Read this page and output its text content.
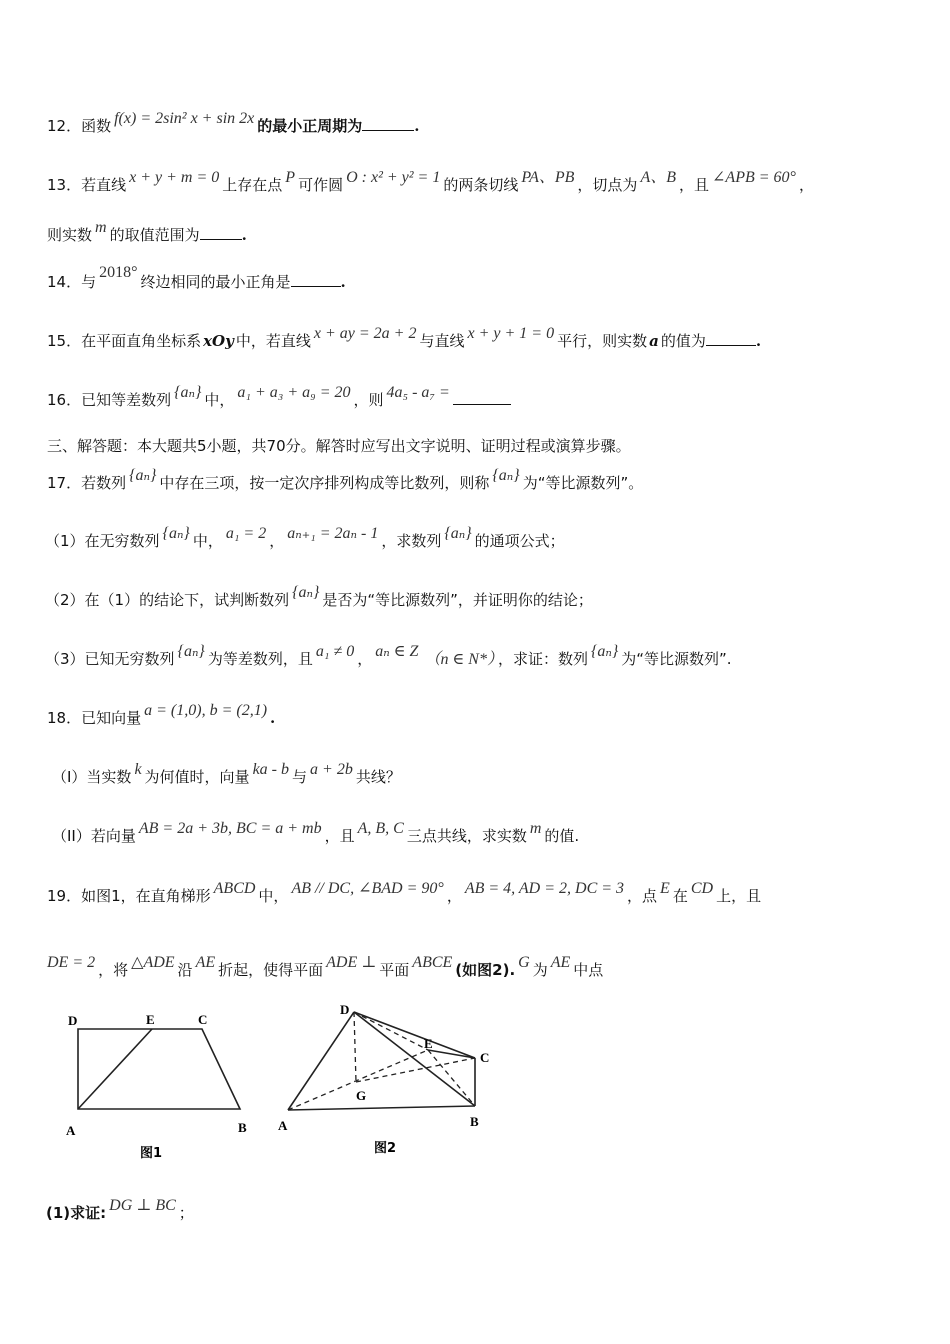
12．函数 f(x) = 2sin² x + sin 2x 的最小正周期为	.
13．若直线 x + y + m = 0 上存在点 P 可作圆 O : x² + y² = 1 的两条切线 PA、PB ，切点为 A、B ，且 ∠APB = 60° ，
则实数 m 的取值范围为	.
14．与2018°终边相同的最小正角是	.
15．在平面直角坐标系 xOy 中，若直线 x + ay = 2a + 2 与直线 x + y + 1 = 0 平行，则实数 a 的值为	.
16．已知等差数列 {aₙ} 中， a₁ + a₃ + a₉ = 20 ，则 4a₅ - a₇ =
三、解答题：本大题共5小题，共70分。解答时应写出文字说明、证明过程或演算步骤。
17．若数列 {aₙ} 中存在三项，按一定次序排列构成等比数列，则称 {aₙ} 为“等比源数列”。
（1）在无穷数列 {aₙ} 中， a₁ = 2 ， aₙ₊₁ = 2aₙ - 1 ，求数列 {aₙ} 的通项公式；
（2）在（1）的结论下，试判断数列 {aₙ} 是否为“等比源数列”，并证明你的结论；
（3）已知无穷数列 {aₙ} 为等差数列，且 a₁ ≠ 0 ， aₙ ∈ Z （n ∈ N*） ，求证：数列 {aₙ} 为“等比源数列”.
18．已知向量 a = (1,0), b = (2,1) .
（I）当实数 k 为何值时，向量 ka - b 与 a + 2b 共线？
（II）若向量 AB = 2a + 3b, BC = a + mb ，且 A, B, C 三点共线，求实数 m 的值.
19．如图1，在直角梯形 ABCD 中， AB // DC, ∠BAD = 90° ， AB = 4, AD = 2, DC = 3 ，点 E 在 CD 上，且
DE = 2 ，将 △ADE 沿 AE 折起，使得平面 ADE ⊥ 平面 ABCE (如图2). G 为 AE 中点
D	E	C
A	B
图1
D
E
C
G
A	B
图2
(1)求证: DG ⊥ BC ；
